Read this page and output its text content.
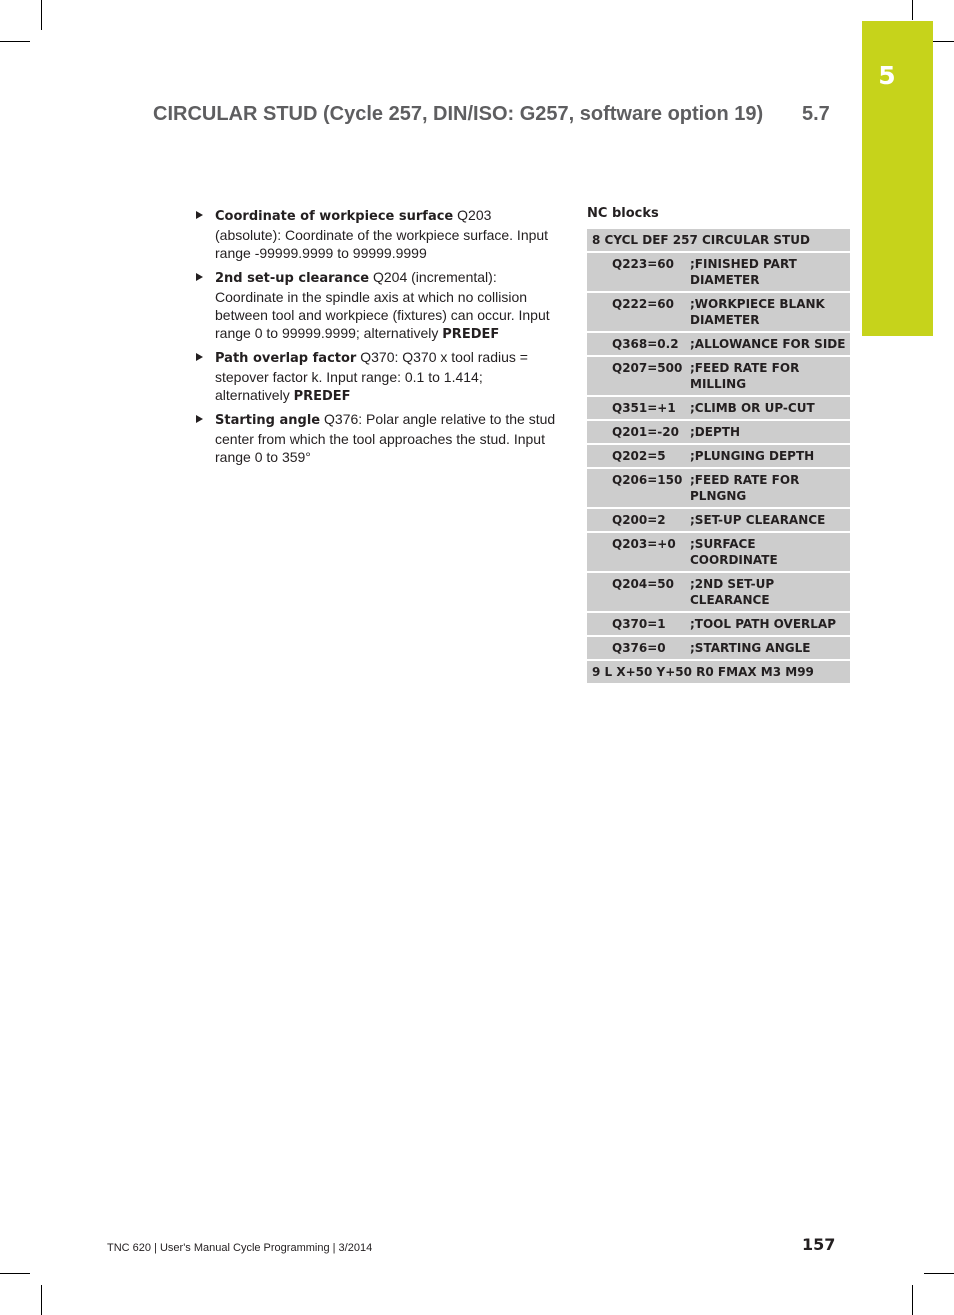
5
CIRCULAR STUD (Cycle 257, DIN/ISO: G257, software option 19) 5.7
Coordinate of workpiece surface Q203 (absolute): Coordinate of the workpiece surface. Input range -99999.9999 to 99999.9999
2nd set-up clearance Q204 (incremental): Coordinate in the spindle axis at which no collision between tool and workpiece (fixtures) can occur. Input range 0 to 99999.9999; alternatively PREDEF
Path overlap factor Q370: Q370 x tool radius = stepover factor k. Input range: 0.1 to 1.414; alternatively PREDEF
Starting angle Q376: Polar angle relative to the stud center from which the tool approaches the stud. Input range 0 to 359°
NC blocks
8 CYCL DEF 257 CIRCULAR STUD	
Q223=60	;FINISHED PART DIAMETER
Q222=60	;WORKPIECE BLANK DIAMETER
Q368=0.2	;ALLOWANCE FOR SIDE
Q207=500	;FEED RATE FOR MILLING
Q351=+1	;CLIMB OR UP-CUT
Q201=-20	;DEPTH
Q202=5	;PLUNGING DEPTH
Q206=150	;FEED RATE FOR PLNGNG
Q200=2	;SET-UP CLEARANCE
Q203=+0	;SURFACE COORDINATE
Q204=50	;2ND SET-UP CLEARANCE
Q370=1	;TOOL PATH OVERLAP
Q376=0	;STARTING ANGLE
9 L X+50 Y+50 R0 FMAX M3 M99	
TNC 620 | User's Manual Cycle Programming | 3/2014	157
